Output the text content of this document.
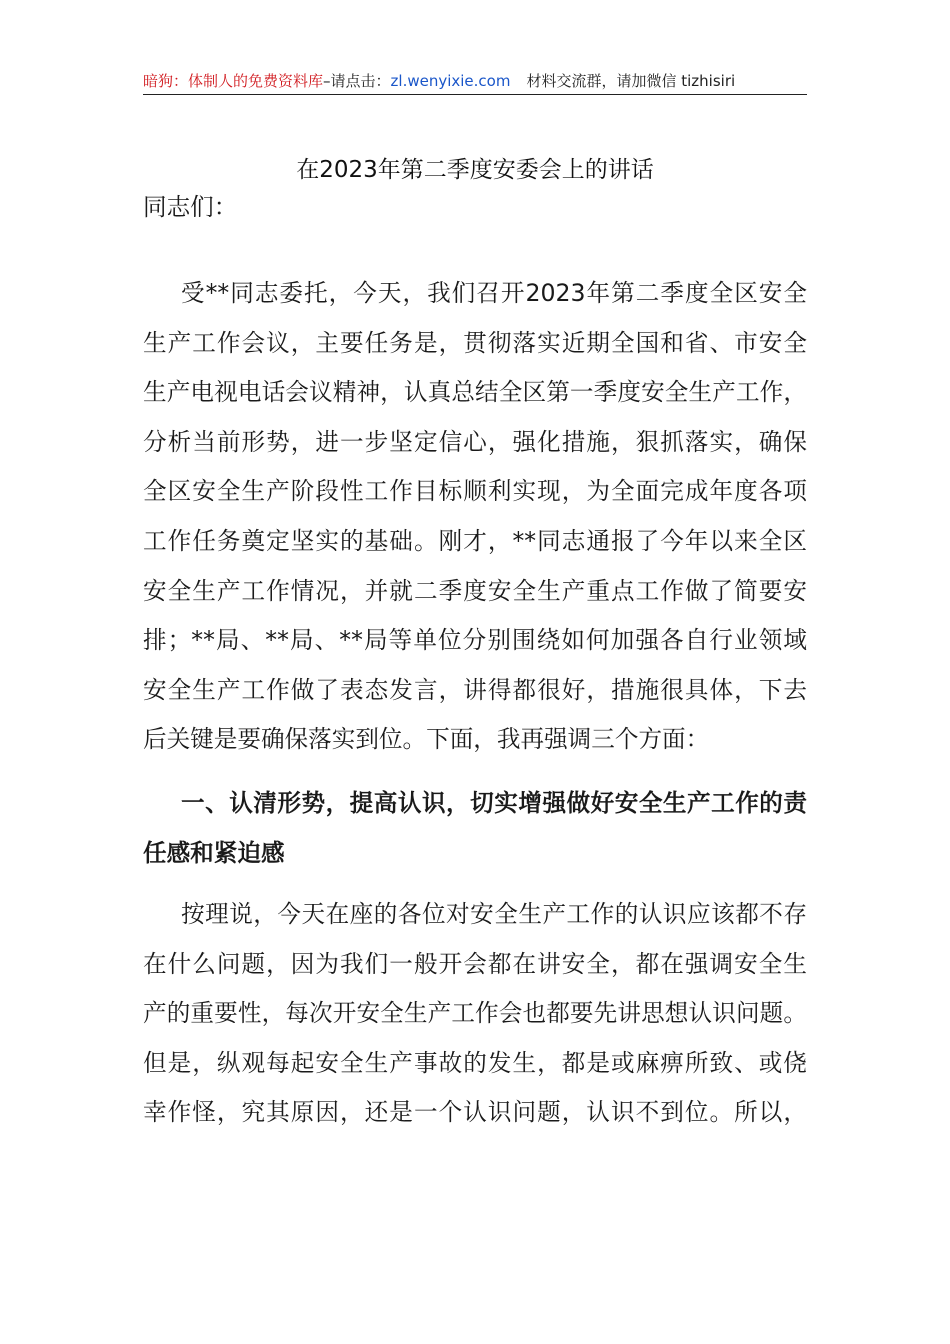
暗狗：体制人的免费资料库–请点击：zl.wenyixie.com 材料交流群，请加微信 tizhisiri
在2023年第二季度安委会上的讲话
同志们：
受**同志委托，今天，我们召开2023年第二季度全区安全
生产工作会议，主要任务是，贯彻落实近期全国和省、市安全
生产电视电话会议精神，认真总结全区第一季度安全生产工作，
分析当前形势，进一步坚定信心，强化措施，狠抓落实，确保
全区安全生产阶段性工作目标顺利实现，为全面完成年度各项
工作任务奠定坚实的基础。刚才，**同志通报了今年以来全区
安全生产工作情况，并就二季度安全生产重点工作做了简要安
排；**局、**局、**局等单位分别围绕如何加强各自行业领域
安全生产工作做了表态发言，讲得都很好，措施很具体，下去
后关键是要确保落实到位。下面，我再强调三个方面：
一、认清形势，提高认识，切实增强做好安全生产工作的责
任感和紧迫感
按理说，今天在座的各位对安全生产工作的认识应该都不存
在什么问题，因为我们一般开会都在讲安全，都在强调安全生
产的重要性，每次开安全生产工作会也都要先讲思想认识问题。
但是，纵观每起安全生产事故的发生，都是或麻痹所致、或侥
幸作怪，究其原因，还是一个认识问题，认识不到位。所以，
